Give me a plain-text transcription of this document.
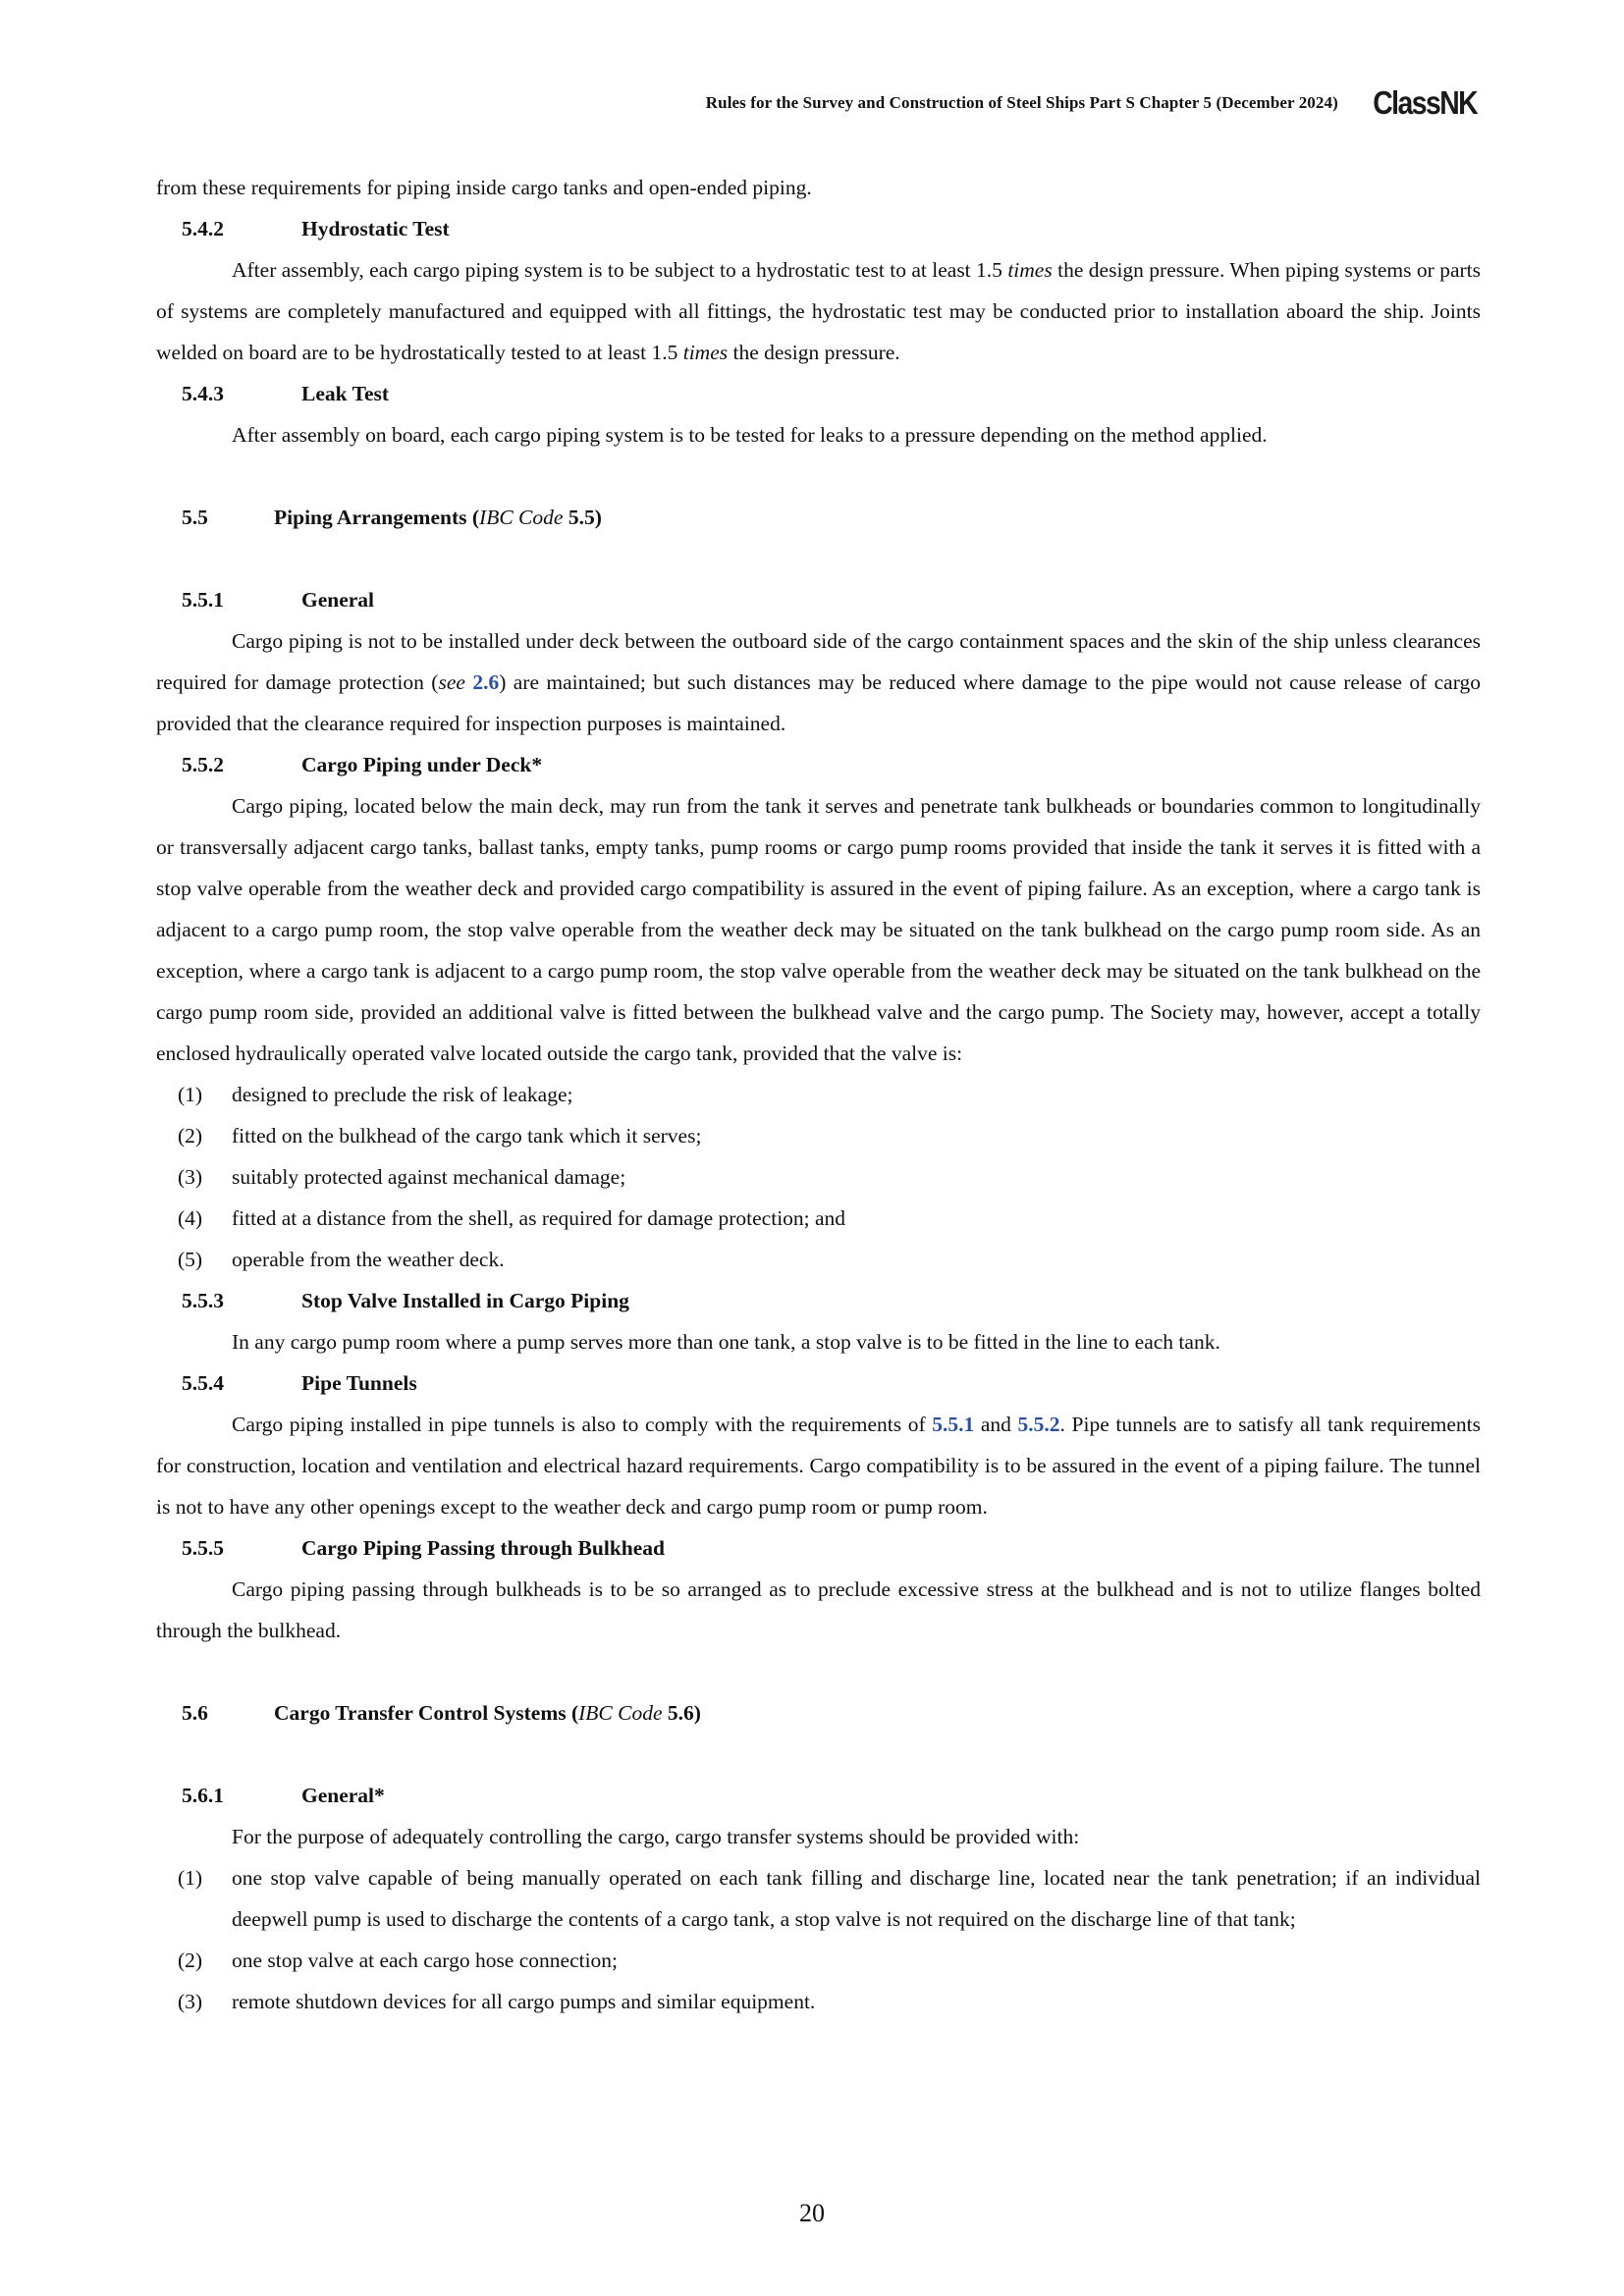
Rules for the Survey and Construction of Steel Ships Part S Chapter 5 (December 2024) ClassNK

from these requirements for piping inside cargo tanks and open-ended piping.

5.4.2	Hydrostatic Test

After assembly, each cargo piping system is to be subject to a hydrostatic test to at least 1.5 times the design pressure. When piping systems or parts of systems are completely manufactured and equipped with all fittings, the hydrostatic test may be conducted prior to installation aboard the ship. Joints welded on board are to be hydrostatically tested to at least 1.5 times the design pressure.

5.4.3	Leak Test

After assembly on board, each cargo piping system is to be tested for leaks to a pressure depending on the method applied.

5.5	Piping Arrangements (IBC Code 5.5)
5.5.1	General

Cargo piping is not to be installed under deck between the outboard side of the cargo containment spaces and the skin of the ship unless clearances required for damage protection (see 2.6) are maintained; but such distances may be reduced where damage to the pipe would not cause release of cargo provided that the clearance required for inspection purposes is maintained.

5.5.2	Cargo Piping under Deck*

Cargo piping, located below the main deck, may run from the tank it serves and penetrate tank bulkheads or boundaries common to longitudinally or transversally adjacent cargo tanks, ballast tanks, empty tanks, pump rooms or cargo pump rooms provided that inside the tank it serves it is fitted with a stop valve operable from the weather deck and provided cargo compatibility is assured in the event of piping failure. As an exception, where a cargo tank is adjacent to a cargo pump room, the stop valve operable from the weather deck may be situated on the tank bulkhead on the cargo pump room side. As an exception, where a cargo tank is adjacent to a cargo pump room, the stop valve operable from the weather deck may be situated on the tank bulkhead on the cargo pump room side, provided an additional valve is fitted between the bulkhead valve and the cargo pump. The Society may, however, accept a totally enclosed hydraulically operated valve located outside the cargo tank, provided that the valve is:

(1)	designed to preclude the risk of leakage;
(2)	fitted on the bulkhead of the cargo tank which it serves;
(3)	suitably protected against mechanical damage;
(4)	fitted at a distance from the shell, as required for damage protection; and
(5)	operable from the weather deck.
5.5.3	Stop Valve Installed in Cargo Piping

In any cargo pump room where a pump serves more than one tank, a stop valve is to be fitted in the line to each tank.

5.5.4	Pipe Tunnels

Cargo piping installed in pipe tunnels is also to comply with the requirements of 5.5.1 and 5.5.2. Pipe tunnels are to satisfy all tank requirements for construction, location and ventilation and electrical hazard requirements. Cargo compatibility is to be assured in the event of a piping failure. The tunnel is not to have any other openings except to the weather deck and cargo pump room or pump room.

5.5.5	Cargo Piping Passing through Bulkhead

Cargo piping passing through bulkheads is to be so arranged as to preclude excessive stress at the bulkhead and is not to utilize flanges bolted through the bulkhead.

5.6	Cargo Transfer Control Systems (IBC Code 5.6)
5.6.1	General*

For the purpose of adequately controlling the cargo, cargo transfer systems should be provided with:

(1)	one stop valve capable of being manually operated on each tank filling and discharge line, located near the tank penetration; if an individual deepwell pump is used to discharge the contents of a cargo tank, a stop valve is not required on the discharge line of that tank;
(2)	one stop valve at each cargo hose connection;
(3)	remote shutdown devices for all cargo pumps and similar equipment.
20
